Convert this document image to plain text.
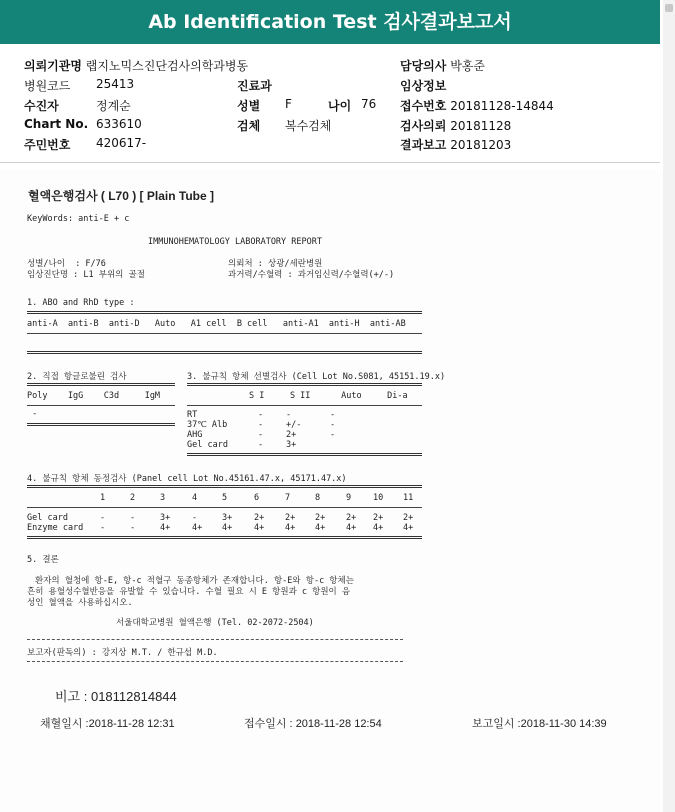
Ab Identification Test 검사결과보고서
의뢰기관명 랩지노믹스진단검사의학과병동	담당의사 박홍준
병원코드 25413	진료과	임상정보
수진자	정계순	성별 F	나이 76 접수번호 20181128-14844
Chart No. 633610	검체 복수검체	검사의뢰 20181128
주민번호 420617-	결과보고 20181203
혈액은행검사 ( L70 ) [ Plain Tube ]
KeyWords: anti-E + c
IMMUNOHEMATOLOGY LABORATORY REPORT
성별/나이  : F/76
임상진단명 : L1 부위의 골절
의뢰처 : 상광/세란병원
과거력/수혈력 : 과거임신력/수혈력(+/-)
1. ABO and RhD type :
anti-A  anti-B  anti-D   Auto   A1 cell  B cell   anti-A1  anti-H  anti-AB
2. 직접 항글로불린 검사
Poly    IgG    C3d     IgM
-
3. 불규칙 항체 선별검사 (Cell Lot No.S081, 45151.19.x)
S I     S II      Auto     Di-a
RT	-	-	-
37℃ Alb	-	+/-	-
AHG	-	2+	-
Gel card	-	3+
4. 불규칙 항체 동정검사 (Panel cell Lot No.45161.47.x, 45171.47.x)
1	2	3	4	5	6	7	8	9	10 11
Gel card	-	-	3+	-	3+	2+ 2+ 2+ 2+ 2+ 2+
Enzyme card -	-	4+	4+ 4+	4+ 4+ 4+ 4+ 4+ 4+
5. 결론
환자의 혈청에 항-E, 항-c 적혈구 동종항체가 존재합니다. 항-E와 항-c 항체는
흔히 용혈성수혈반응을 유발할 수 있습니다. 수혈 필요 시 E 항원과 c 항원이 음
성인 혈액을 사용하십시오.
서울대학교병원 혈액은행 (Tel. 02-2072-2504)
보고자(판독의) : 강지상 M.T. / 한규섭 M.D.
비고 : 018112814844
채혈일시 :2018-11-28 12:31	접수일시 : 2018-11-28 12:54	보고일시 :2018-11-30 14:39
